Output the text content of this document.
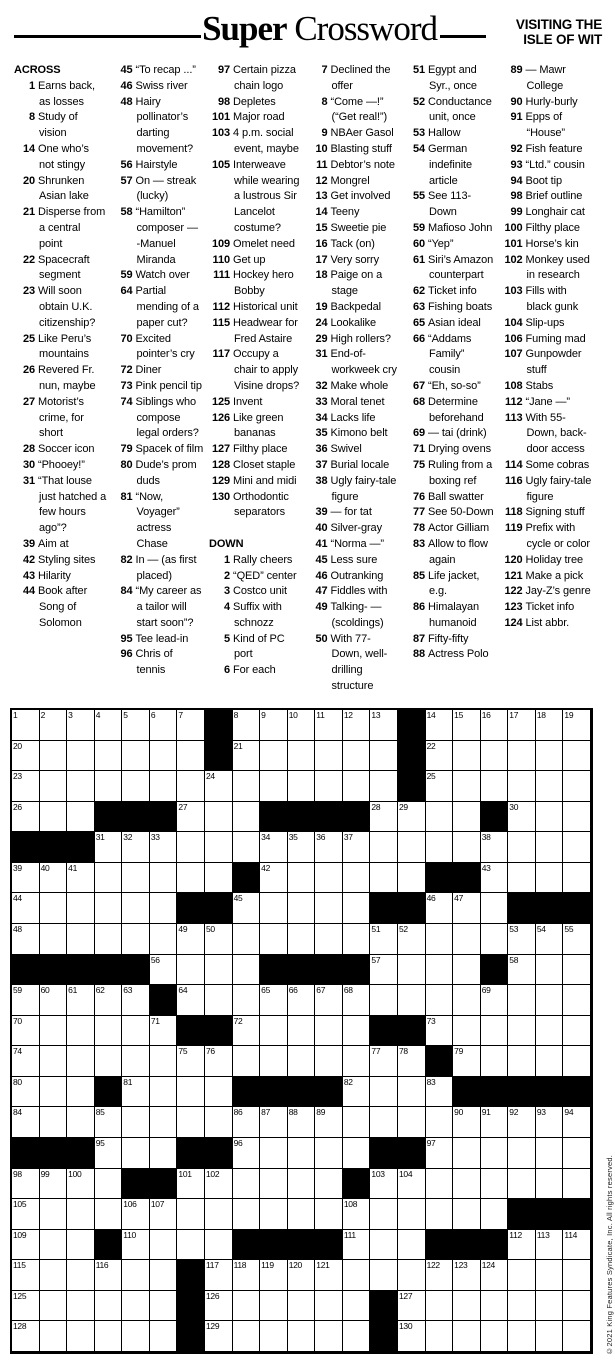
Super Crossword	VISITING THE
ISLE OF WIT
ACROSS
1 Earns back, as losses
8 Study of vision
14 One who’s not stingy
20 Shrunken Asian lake
21 Disperse from a central point
22 Spacecraft segment
23 Will soon obtain U.K. citizenship?
25 Like Peru’s mountains
26 Revered Fr. nun, maybe
27 Motorist’s crime, for short
28 Soccer icon
30 “Phooey!”
31 “That louse just hatched a few hours ago”?
39 Aim at
42 Styling sites
43 Hilarity
44 Book after Song of Solomon
45 “To recap ...”
46 Swiss river
48 Hairy pollinator’s darting movement?
56 Hairstyle
57 On — streak (lucky)
58 “Hamilton” composer — -Manuel Miranda
59 Watch over
64 Partial mending of a paper cut?
70 Excited pointer’s cry
72 Diner
73 Pink pencil tip
74 Siblings who compose legal orders?
79 Spacek of film
80 Dude’s prom duds
81 “Now, Voyager” actress Chase
82 In — (as first placed)
84 “My career as a tailor will start soon”?
95 Tee lead-in
96 Chris of tennis
97 Certain pizza chain logo
98 Depletes
101 Major road
103 4 p.m. social event, maybe
105 Interweave while wearing a lustrous Sir Lancelot costume?
109 Omelet need
110 Get up
111 Hockey hero Bobby
112 Historical unit
115 Headwear for Fred Astaire
117 Occupy a chair to apply Visine drops?
125 Invent
126 Like green bananas
127 Filthy place
128 Closet staple
129 Mini and midi
130 Orthodontic separators
DOWN
1 Rally cheers
2 “QED” center
3 Costco unit
4 Suffix with schnozz
5 Kind of PC port
6 For each
7 Declined the offer
8 “Come —!” (“Get real!”)
9 NBAer Gasol
10 Blasting stuff
11 Debtor’s note
12 Mongrel
13 Get involved
14 Teeny
15 Sweetie pie
16 Tack (on)
17 Very sorry
18 Paige on a stage
19 Backpedal
24 Lookalike
29 High rollers?
31 End-of-workweek cry
32 Make whole
33 Moral tenet
34 Lacks life
35 Kimono belt
36 Swivel
37 Burial locale
38 Ugly fairy-tale figure
39 — for tat
40 Silver-gray
41 “Norma —”
45 Less sure
46 Outranking
47 Fiddles with
49 Talking- — (scoldings)
50 With 77-Down, well-drilling structure
51 Egypt and Syr., once
52 Conductance unit, once
53 Hallow
54 German indefinite article
55 See 113-Down
59 Mafioso John
60 “Yep”
61 Siri’s Amazon counterpart
62 Ticket info
63 Fishing boats
65 Asian ideal
66 “Addams Family” cousin
67 “Eh, so-so”
68 Determine beforehand
69 — tai (drink)
71 Drying ovens
75 Ruling from a boxing ref
76 Ball swatter
77 See 50-Down
78 Actor Gilliam
83 Allow to flow again
85 Life jacket, e.g.
86 Himalayan humanoid
87 Fifty-fifty
88 Actress Polo
89 — Mawr College
90 Hurly-burly
91 Epps of “House”
92 Fish feature
93 “Ltd.” cousin
94 Boot tip
98 Brief outline
99 Longhair cat
100 Filthy place
101 Horse’s kin
102 Monkey used in research
103 Fills with black gunk
104 Slip-ups
106 Fuming mad
107 Gunpowder stuff
108 Stabs
112 “Jane —”
113 With 55-Down, back-door access
114 Some cobras
116 Ugly fairy-tale figure
118 Signing stuff
119 Prefix with cycle or color
120 Holiday tree
121 Make a pick
122 Jay-Z’s genre
123 Ticket info
124 List abbr.
1	2	3	4	5	6	7	8	9	10 11 12 13	14 15 16 17 18 19
20	21	22
23	24	25
26	27	28 29	30
31 32 33	34 35 36 37	38
39 40 41	42	43
44	45	46 47
48	49 50	51 52	53 54 55
56	57	58
59 60 61 62 63	64	65 66 67 68	69
70	71	72	73
74	75 76	77 78	79
80	81	82	83
84	85	86 87 88 89	90 91 92 93 94
95	96	97
98 99 100	101 102	103 104
105	106 107	108
109	110	111	112 113 114
115	116	117 118 119 120 121	122 123 124
125	126	127
128	129	130	©2021 King Features Syndicate, Inc. All rights reserved.
